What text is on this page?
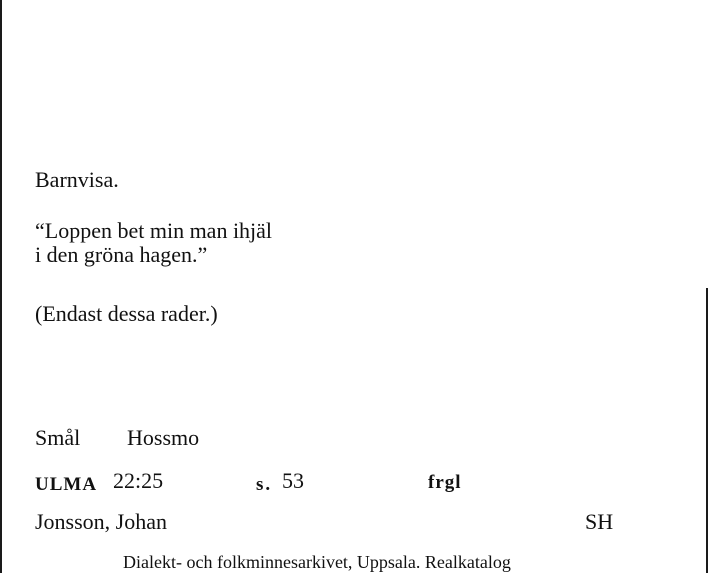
Barnvisa.
“Loppen bet min man ihjäl
i den gröna hagen.”
(Endast dessa rader.)
Smål Hossmo
ULMA 22:25	s. 53	frgl
Jonsson, Johan	SH
Dialekt- och folkminnesarkivet, Uppsala. Realkatalog
